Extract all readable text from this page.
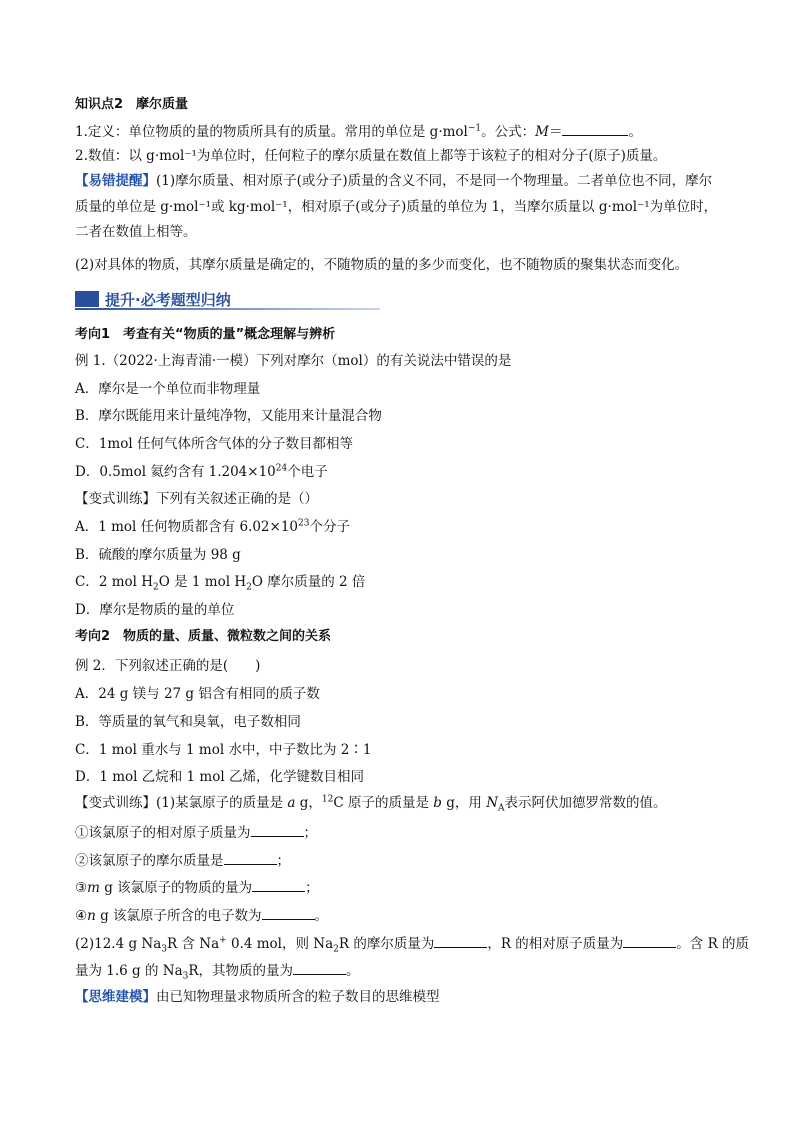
知识点2　摩尔质量
1.定义：单位物质的量的物质所具有的质量。常用的单位是 g·mol$^{-1}$。公式：M＝	。
2.数值：以 g·mol⁻¹为单位时，任何粒子的摩尔质量在数值上都等于该粒子的相对分子(原子)质量。
【易错提醒】(1)摩尔质量、相对原子(或分子)质量的含义不同，不是同一个物理量。二者单位也不同，摩尔
质量的单位是 g·mol⁻¹或 kg·mol⁻¹，相对原子(或分子)质量的单位为 1，当摩尔质量以 g·mol⁻¹为单位时，
二者在数值上相等。
(2)对具体的物质，其摩尔质量是确定的，不随物质的量的多少而变化，也不随物质的聚集状态而变化。
提升·必考题型归纳
考向1　考查有关“物质的量”概念理解与辨析
例 1.（2022·上海青浦·一模）下列对摩尔（mol）的有关说法中错误的是
A．摩尔是一个单位而非物理量
B．摩尔既能用来计量纯净物，又能用来计量混合物
C．1mol 任何气体所含气体的分子数目都相等
D．0.5mol 氦约含有 $1.204\times 10^{24}$个电子
【变式训练】下列有关叙述正确的是（）
A．1 mol 任何物质都含有 $6.02\times 10^{23}$个分子
B．硫酸的摩尔质量为 98 g
C．2 mol $H_2O$ 是 1 mol $H_2O$ 摩尔质量的 2 倍
D．摩尔是物质的量的单位
考向2　物质的量、质量、微粒数之间的关系
例 2．下列叙述正确的是(　　)
A．24 g 镁与 27 g 铝含有相同的质子数
B．等质量的氧气和臭氧，电子数相同
C．1 mol 重水与 1 mol 水中，中子数比为 2∶1
D．1 mol 乙烷和 1 mol 乙烯，化学键数目相同
【变式训练】(1)某氯原子的质量是 a g，$^{12}$C 原子的质量是 b g，用 $N_A$表示阿伏加德罗常数的值。
①该氯原子的相对原子质量为	；
②该氯原子的摩尔质量是	；
③m g 该氯原子的物质的量为	；
④n g 该氯原子所含的电子数为	。
(2)12.4 g $Na_3R$ 含 Na+ 0.4 mol，则 $Na_2R$ 的摩尔质量为	，R 的相对原子质量为	。含 R 的质
量为 1.6 g 的 $Na_3R$，其物质的量为	。
【思维建模】由已知物理量求物质所含的粒子数目的思维模型
